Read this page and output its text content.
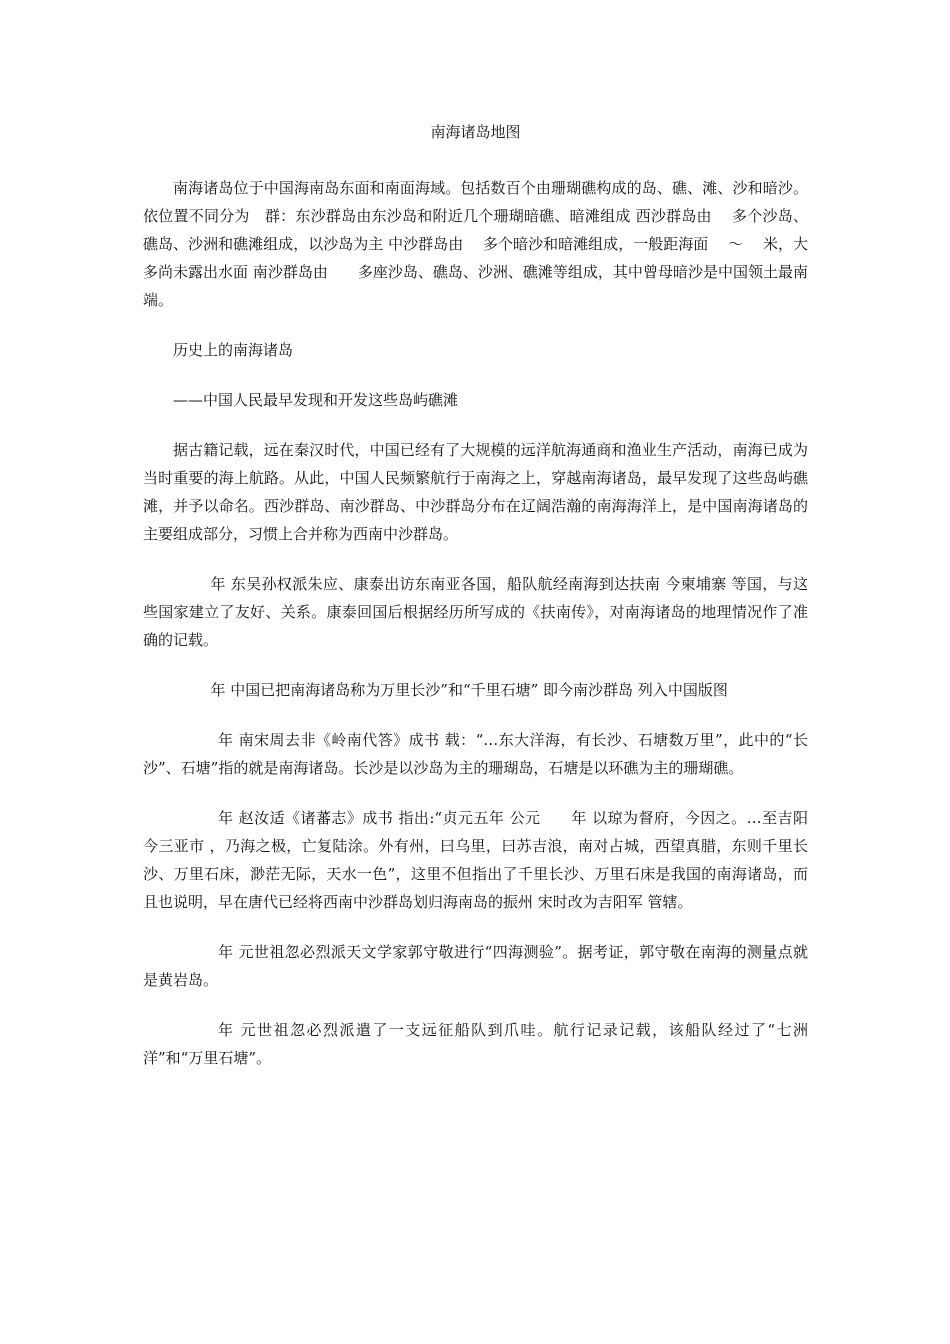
南海诸岛地图

南海诸岛位于中国海南岛东面和南面海域。包括数百个由珊瑚礁构成的岛、礁、滩、沙和暗沙。依位置不同分为　群：东沙群岛由东沙岛和附近几个珊瑚暗礁、暗滩组成 西沙群岛由　 多个沙岛、礁岛、沙洲和礁滩组成，以沙岛为主 中沙群岛由　 多个暗沙和暗滩组成，一般距海面　 ～　 米，大多尚未露出水面 南沙群岛由　　多座沙岛、礁岛、沙洲、礁滩等组成，其中曾母暗沙是中国领土最南端。

历史上的南海诸岛

——中国人民最早发现和开发这些岛屿礁滩

据古籍记载，远在秦汉时代，中国已经有了大规模的远洋航海通商和渔业生产活动，南海已成为当时重要的海上航路。从此，中国人民频繁航行于南海之上，穿越南海诸岛，最早发现了这些岛屿礁滩，并予以命名。西沙群岛、南沙群岛、中沙群岛分布在辽阔浩瀚的南海海洋上，是中国南海诸岛的主要组成部分，习惯上合并称为西南中沙群岛。

年 东吴孙权派朱应、康泰出访东南亚各国，船队航经南海到达扶南 今柬埔寨 等国，与这些国家建立了友好、关系。康泰回国后根据经历所写成的《扶南传》，对南海诸岛的地理情况作了准确的记载。

年 中国已把南海诸岛称为万里长沙”和“千里石塘” 即今南沙群岛 列入中国版图

年 南宋周去非《岭南代答》成书 载：“…东大洋海，有长沙、石塘数万里”，此中的“长沙”、石塘”指的就是南海诸岛。长沙是以沙岛为主的珊瑚岛，石塘是以环礁为主的珊瑚礁。

年 赵汝适《诸蕃志》成书 指出:“贞元五年 公元　　年 以琼为督府，今因之。…至吉阳 今三亚市 ，乃海之极，亡复陆涂。外有州，曰乌里，曰苏吉浪，南对占城，西望真腊，东则千里长沙、万里石床，渺茫无际，天水一色”，这里不但指出了千里长沙、万里石床是我国的南海诸岛，而且也说明，早在唐代已经将西南中沙群岛划归海南岛的振州 宋时改为吉阳军 管辖。

年 元世祖忽必烈派天文学家郭守敬进行“四海测验”。据考证，郭守敬在南海的测量点就是黄岩岛。

年 元世祖忽必烈派遣了一支远征船队到爪哇。航行记录记载，该船队经过了“七洲洋”和“万里石塘”。
